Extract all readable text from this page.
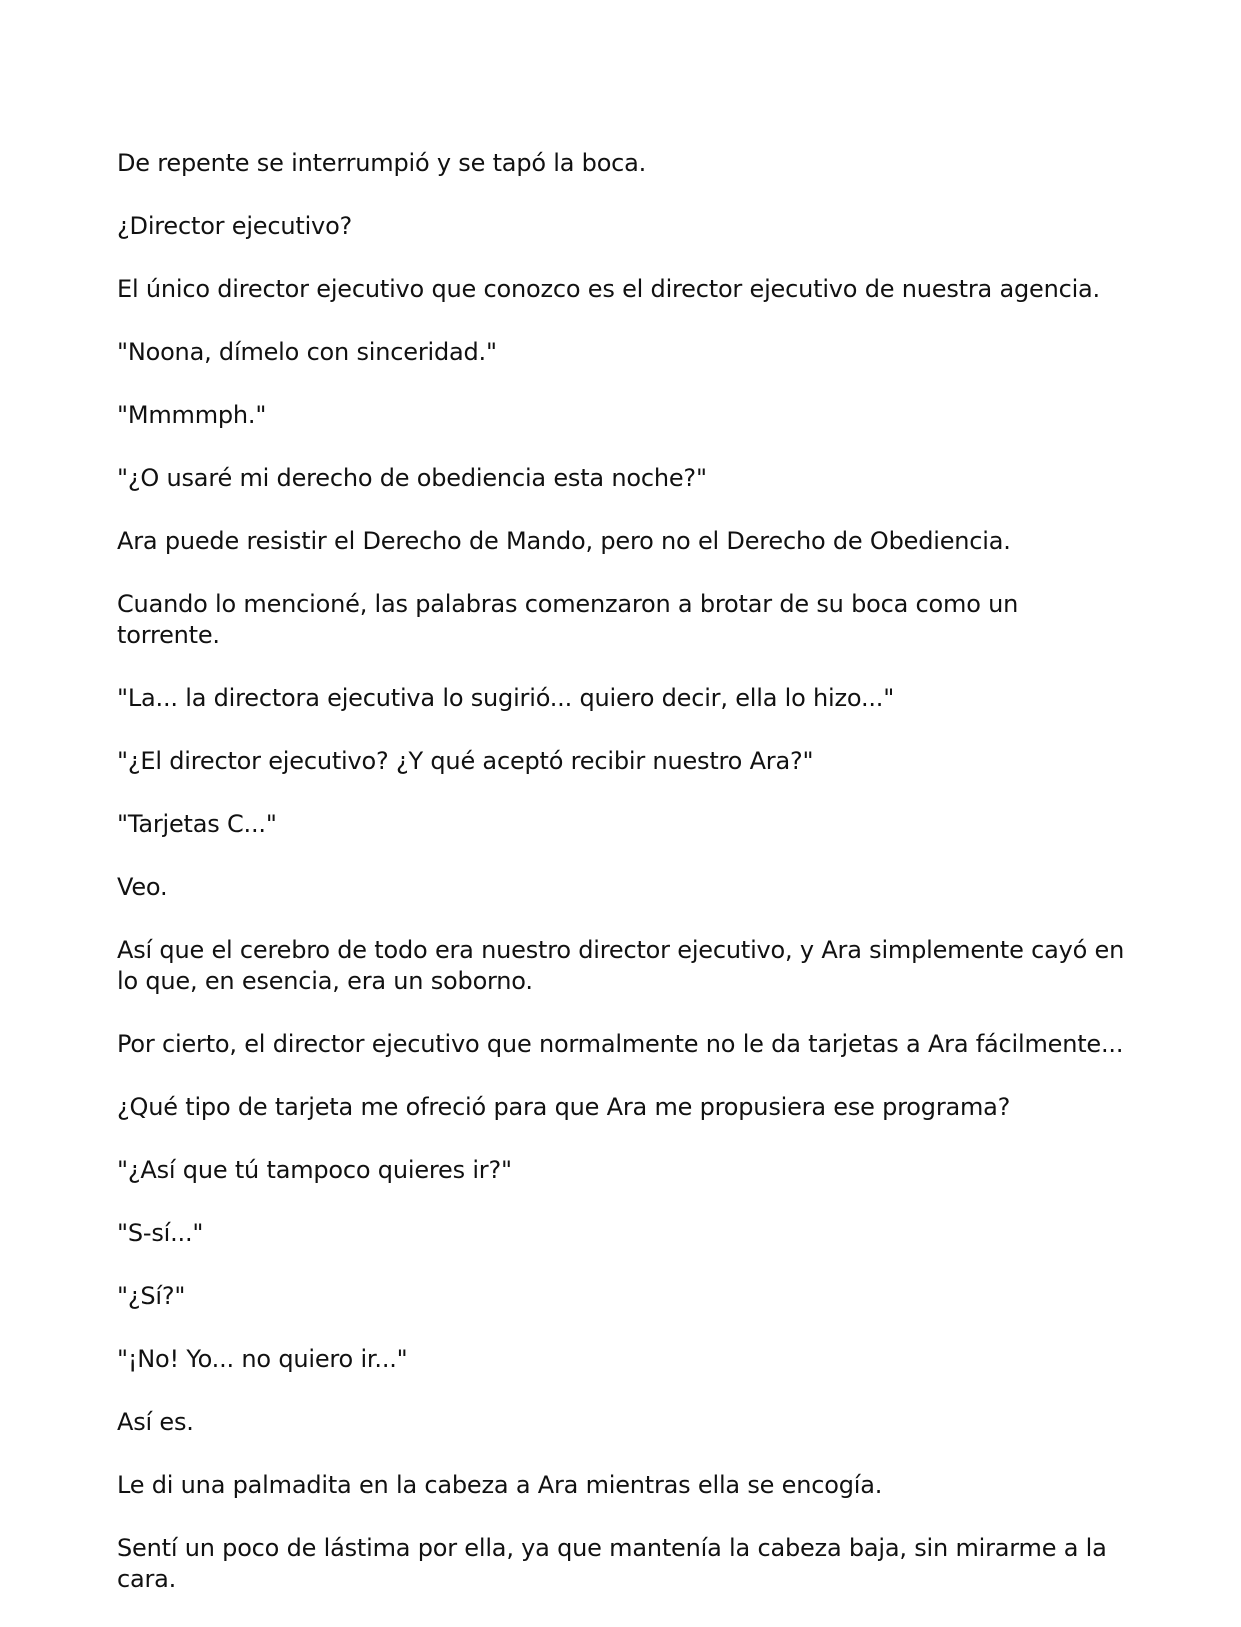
De repente se interrumpió y se tapó la boca.

¿Director ejecutivo?

El único director ejecutivo que conozco es el director ejecutivo de nuestra agencia.

"Noona, dímelo con sinceridad."

"Mmmmph."

"¿O usaré mi derecho de obediencia esta noche?"

Ara puede resistir el Derecho de Mando, pero no el Derecho de Obediencia.

Cuando lo mencioné, las palabras comenzaron a brotar de su boca como un torrente.

"La... la directora ejecutiva lo sugirió... quiero decir, ella lo hizo..."

"¿El director ejecutivo? ¿Y qué aceptó recibir nuestro Ara?"

"Tarjetas C..."

Veo.

Así que el cerebro de todo era nuestro director ejecutivo, y Ara simplemente cayó en lo que, en esencia, era un soborno.

Por cierto, el director ejecutivo que normalmente no le da tarjetas a Ara fácilmente...

¿Qué tipo de tarjeta me ofreció para que Ara me propusiera ese programa?

"¿Así que tú tampoco quieres ir?"

"S-sí..."

"¿Sí?"

"¡No! Yo... no quiero ir..."

Así es.

Le di una palmadita en la cabeza a Ara mientras ella se encogía.

Sentí un poco de lástima por ella, ya que mantenía la cabeza baja, sin mirarme a la cara.
